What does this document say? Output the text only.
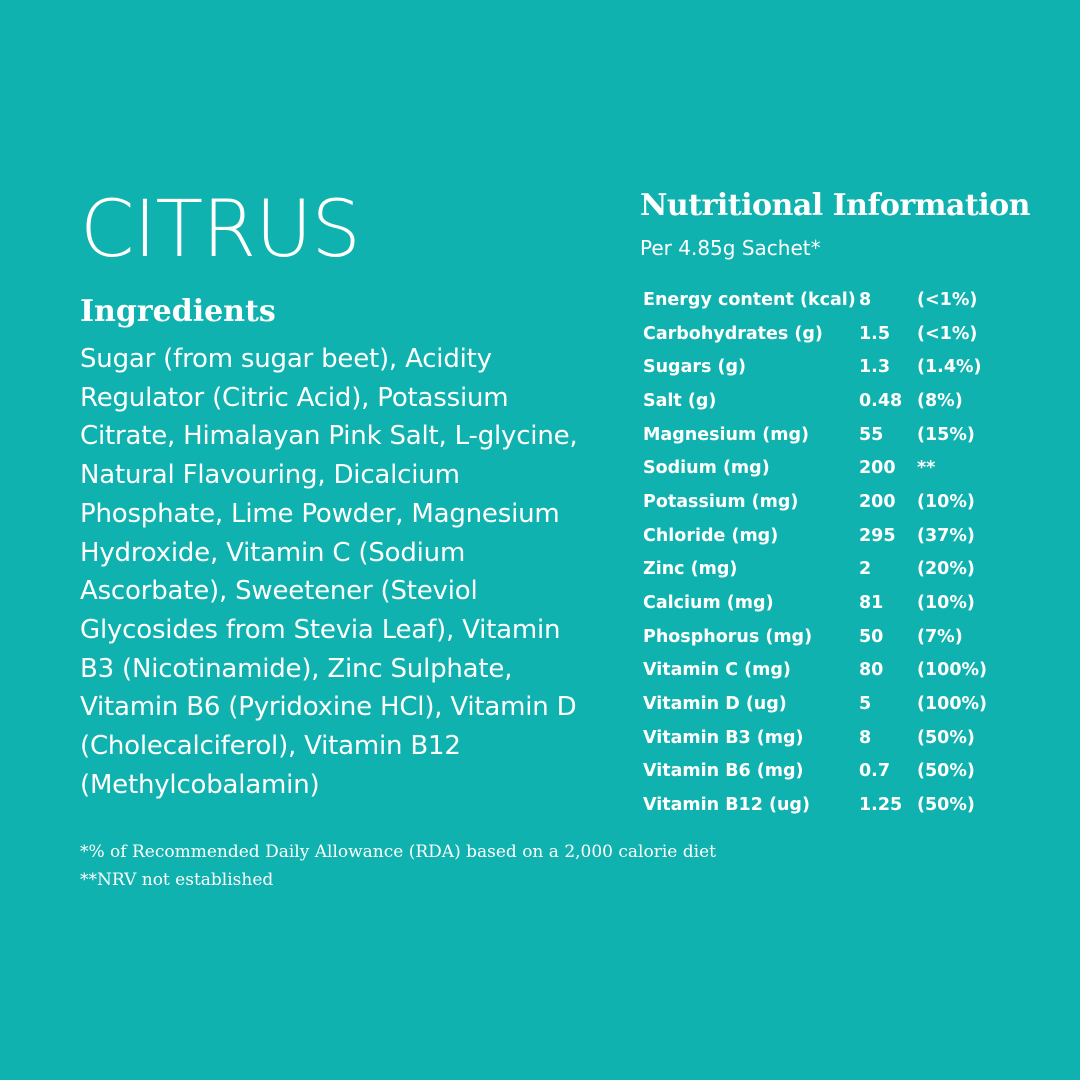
CITRUS
Ingredients

Sugar (from sugar beet), Acidity Regulator (Citric Acid), Potassium Citrate, Himalayan Pink Salt, L-glycine, Natural Flavouring, Dicalcium Phosphate, Lime Powder, Magnesium Hydroxide, Vitamin C (Sodium Ascorbate), Sweetener (Steviol Glycosides from Stevia Leaf), Vitamin B3 (Nicotinamide), Zinc Sulphate, Vitamin B6 (Pyridoxine HCl), Vitamin D (Cholecalciferol), Vitamin B12 (Methylcobalamin)

Nutritional Information

Per 4.85g Sachet*

Energy content (kcal)	8	(<1%)
Carbohydrates (g)	1.5	(<1%)
Sugars (g)	1.3	(1.4%)
Salt (g)	0.48	(8%)
Magnesium (mg)	55	(15%)
Sodium (mg)	200	**
Potassium (mg)	200	(10%)
Chloride (mg)	295	(37%)
Zinc (mg)	2	(20%)
Calcium (mg)	81	(10%)
Phosphorus (mg)	50	(7%)
Vitamin C (mg)	80	(100%)
Vitamin D (ug)	5	(100%)
Vitamin B3 (mg)	8	(50%)
Vitamin B6 (mg)	0.7	(50%)
Vitamin B12 (ug)	1.25	(50%)
*% of Recommended Daily Allowance (RDA) based on a 2,000 calorie diet
**NRV not established
